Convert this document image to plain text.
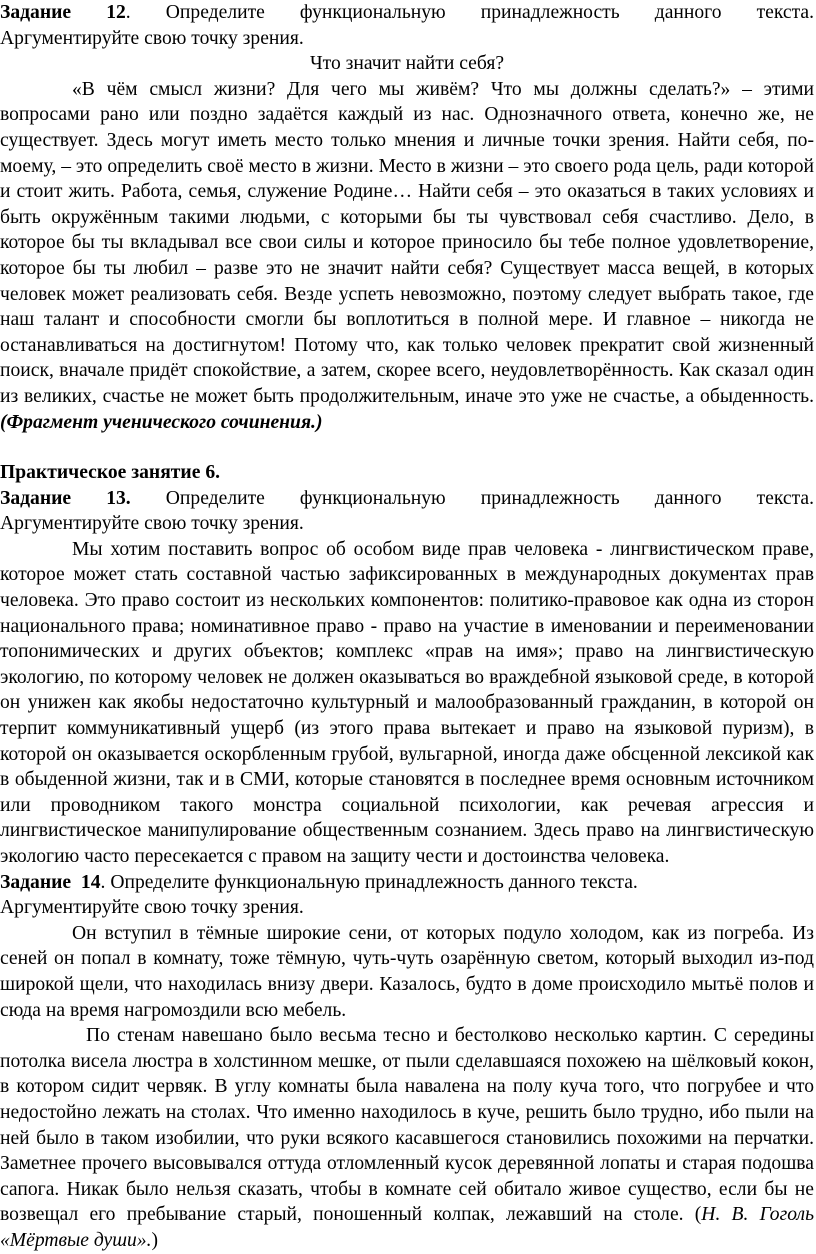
Задание 12. Определите функциональную принадлежность данного текста.

Аргументируйте свою точку зрения.

Что значит найти себя?

«В чём смысл жизни? Для чего мы живём? Что мы должны сделать?» – этими вопросами рано или поздно задаётся каждый из нас. Однозначного ответа, конечно же, не существует. Здесь могут иметь место только мнения и личные точки зрения. Найти себя, по-моему, – это определить своё место в жизни. Место в жизни – это своего рода цель, ради которой и стоит жить. Работа, семья, служение Родине… Найти себя – это оказаться в таких условиях и быть окружённым такими людьми, с которыми бы ты чувствовал себя счастливо. Дело, в которое бы ты вкладывал все свои силы и которое приносило бы тебе полное удовлетворение, которое бы ты любил – разве это не значит найти себя? Существует масса вещей, в которых человек может реализовать себя. Везде успеть невозможно, поэтому следует выбрать такое, где наш талант и способности смогли бы воплотиться в полной мере. И главное – никогда не останавливаться на достигнутом! Потому что, как только человек прекратит свой жизненный поиск, вначале придёт спокойствие, а затем, скорее всего, неудовлетворённость. Как сказал один из великих, счастье не может быть продолжительным, иначе это уже не счастье, а обыденность.(Фрагмент ученического сочинения.)

Практическое занятие 6.

Задание 13. Определите функциональную принадлежность данного текста.

Аргументируйте свою точку зрения.

Мы хотим поставить вопрос об особом виде прав человека - лингвистическом праве, которое может стать составной частью зафиксированных в международных документах прав человека. Это право состоит из нескольких компонентов: политико-правовое как одна из сторон национального права; номинативное право - право на участие в именовании и переименовании топонимических и других объектов; комплекс «прав на имя»; право на лингвистическую экологию, по которому человек не должен оказываться во враждебной языковой среде, в которой он унижен как якобы недостаточно культурный и малообразованный гражданин, в которой он терпит коммуникативный ущерб (из этого права вытекает и право на языковой пуризм), в которой он оказывается оскорбленным грубой, вульгарной, иногда даже обсценной лексикой как в обыденной жизни, так и в СМИ, которые становятся в последнее время основным источником или проводником такого монстра социальной психологии, как речевая агрессия и лингвистическое манипулирование общественным сознанием. Здесь право на лингвистическую экологию часто пересекается с правом на защиту чести и достоинства человека.

Задание 14. Определите функциональную принадлежность данного текста.

Аргументируйте свою точку зрения.

Он вступил в тёмные широкие сени, от которых подуло холодом, как из погреба. Из сеней он попал в комнату, тоже тёмную, чуть-чуть озарённую светом, который выходил из-под широкой щели, что находилась внизу двери. Казалось, будто в доме происходило мытьё полов и сюда на время нагромоздили всю мебель.

По стенам навешано было весьма тесно и бестолково несколько картин. С середины потолка висела люстра в холстинном мешке, от пыли сделавшаяся похожею на шёлковый кокон, в котором сидит червяк. В углу комнаты была навалена на полу куча того, что погрубее и что недостойно лежать на столах. Что именно находилось в куче, решить было трудно, ибо пыли на ней было в таком изобилии, что руки всякого касавшегося становились похожими на перчатки. Заметнее прочего высовывался оттуда отломленный кусок деревянной лопаты и старая подошва сапога. Никак было нельзя сказать, чтобы в комнате сей обитало живое существо, если бы не возвещал его пребывание старый, поношенный колпак, лежавший на столе. (Н. В. Гоголь «Мёртвые души».)
